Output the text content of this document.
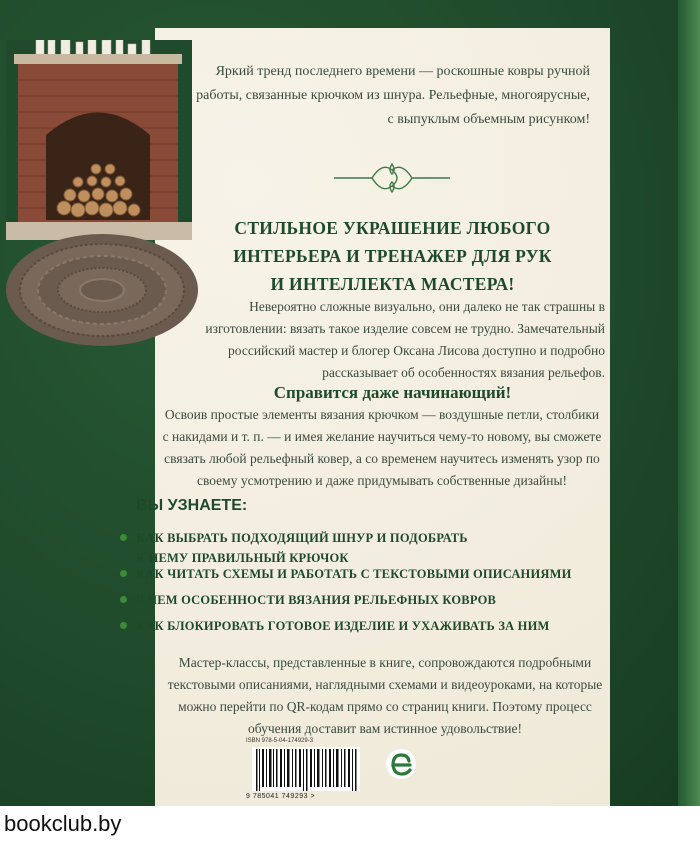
Яркий тренд последнего времени — роскошные ковры ручной работы, связанные крючком из шнура. Рельефные, многоярусные, с выпуклым объемным рисунком!
СТИЛЬНОЕ УКРАШЕНИЕ ЛЮБОГО
ИНТЕРЬЕРА И ТРЕНАЖЕР ДЛЯ РУК
И ИНТЕЛЛЕКТА МАСТЕРА!
Невероятно сложные визуально, они далеко не так страшны в изготовлении: вязать такое изделие совсем не трудно. Замечательный российский мастер и блогер Оксана Лисова доступно и подробно рассказывает об особенностях вязания рельефов.
Справится даже начинающий!
Освоив простые элементы вязания крючком — воздушные петли, столбики с накидами и т. п. — и имея желание научиться чему-то новому, вы сможете связать любой рельефный ковер, а со временем научитесь изменять узор по своему усмотрению и даже придумывать собственные дизайны!
ВЫ УЗНАЕТЕ:
КАК ВЫБРАТЬ ПОДХОДЯЩИЙ ШНУР И ПОДОБРАТЬ
К НЕМУ ПРАВИЛЬНЫЙ КРЮЧОК
КАК ЧИТАТЬ СХЕМЫ И РАБОТАТЬ С ТЕКСТОВЫМИ ОПИСАНИЯМИ
В ЧЕМ ОСОБЕННОСТИ ВЯЗАНИЯ РЕЛЬЕФНЫХ КОВРОВ
КАК БЛОКИРОВАТЬ ГОТОВОЕ ИЗДЕЛИЕ И УХАЖИВАТЬ ЗА НИМ
Мастер-классы, представленные в книге, сопровождаются подробными текстовыми описаниями, наглядными схемами и видеоуроками, на которые можно перейти по QR-кодам прямо со страниц книги. Поэтому процесс обучения доставит вам истинное удовольствие!
ISBN 978-5-04-174929-3
9 785041 749293 >
bookclub.by
